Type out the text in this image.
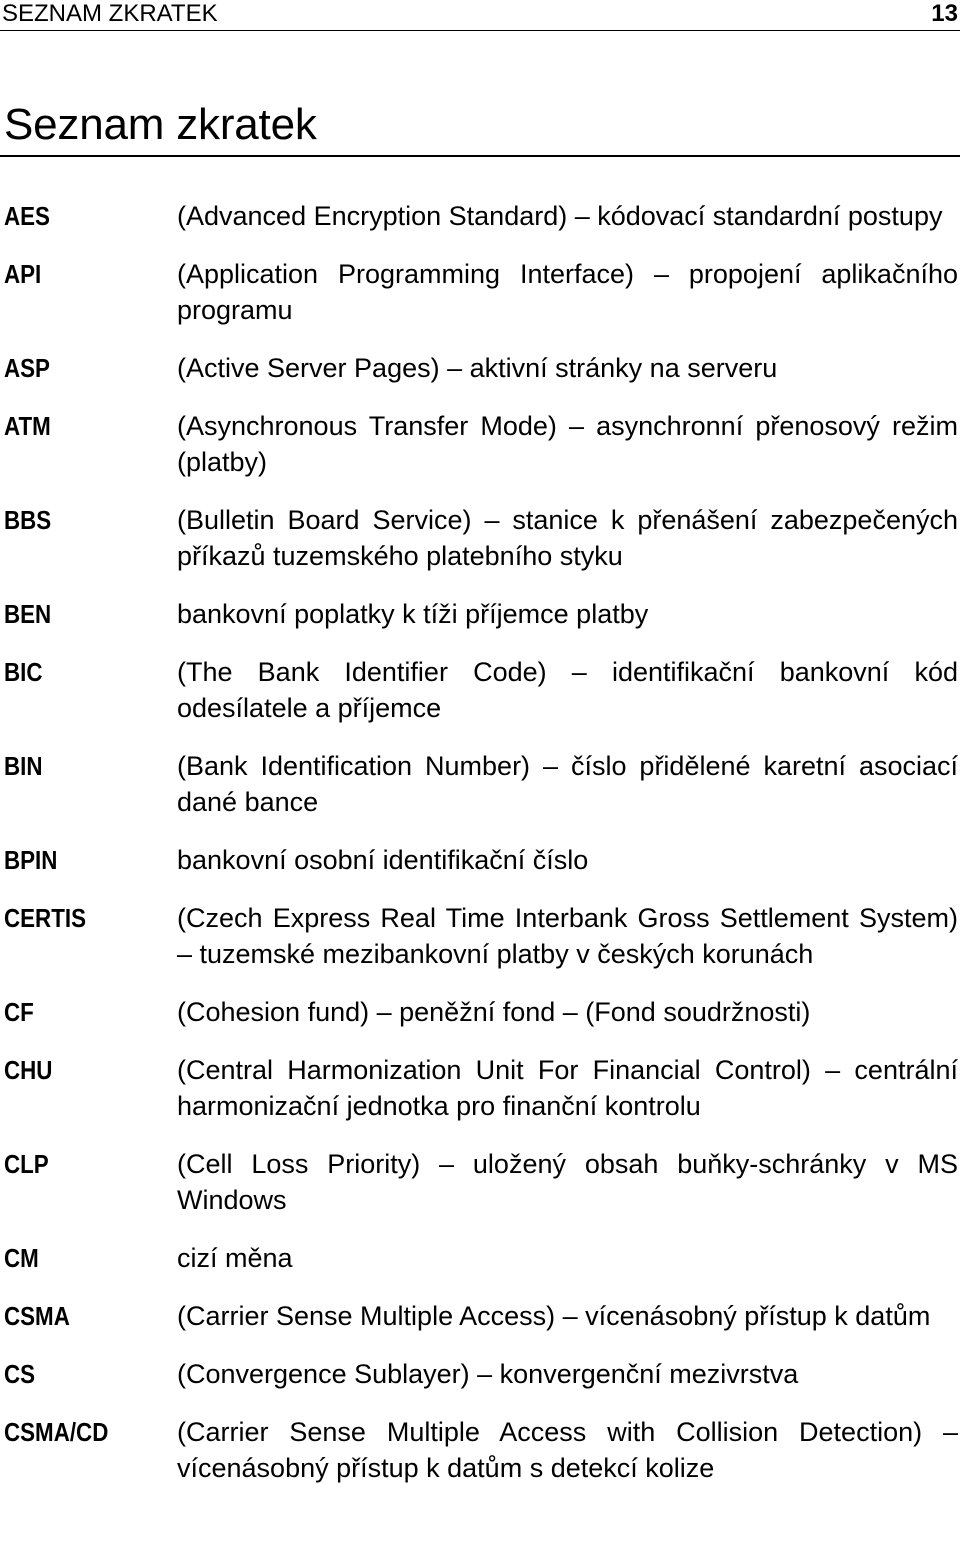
SEZNAM ZKRATEK	13
Seznam zkratek
AES	(Advanced Encryption Standard) – kódovací standardní postupy
API	(Application Programming Interface) – propojení aplikačního programu
ASP	(Active Server Pages) – aktivní stránky na serveru
ATM	(Asynchronous Transfer Mode) – asynchronní přenosový režim (platby)
BBS	(Bulletin Board Service) – stanice k přenášení zabezpečených příkazů tuzemského platebního styku
BEN	bankovní poplatky k tíži příjemce platby
BIC	(The Bank Identifier Code) – identifikační bankovní kód odesílatele a příjemce
BIN	(Bank Identification Number) – číslo přidělené karetní asociací dané bance
BPIN	bankovní osobní identifikační číslo
CERTIS	(Czech Express Real Time Interbank Gross Settlement System) – tuzemské mezibankovní platby v českých korunách
CF	(Cohesion fund) – peněžní fond – (Fond soudržnosti)
CHU	(Central Harmonization Unit For Financial Control) – centrální harmonizační jednotka pro finanční kontrolu
CLP	(Cell Loss Priority) – uložený obsah buňky-schránky v MS Windows
CM	cizí měna
CSMA	(Carrier Sense Multiple Access) – vícenásobný přístup k datům
CS	(Convergence Sublayer) – konvergenční mezivrstva
CSMA/CD	(Carrier Sense Multiple Access with Collision Detection) – vícenásobný přístup k datům s detekcí kolize
